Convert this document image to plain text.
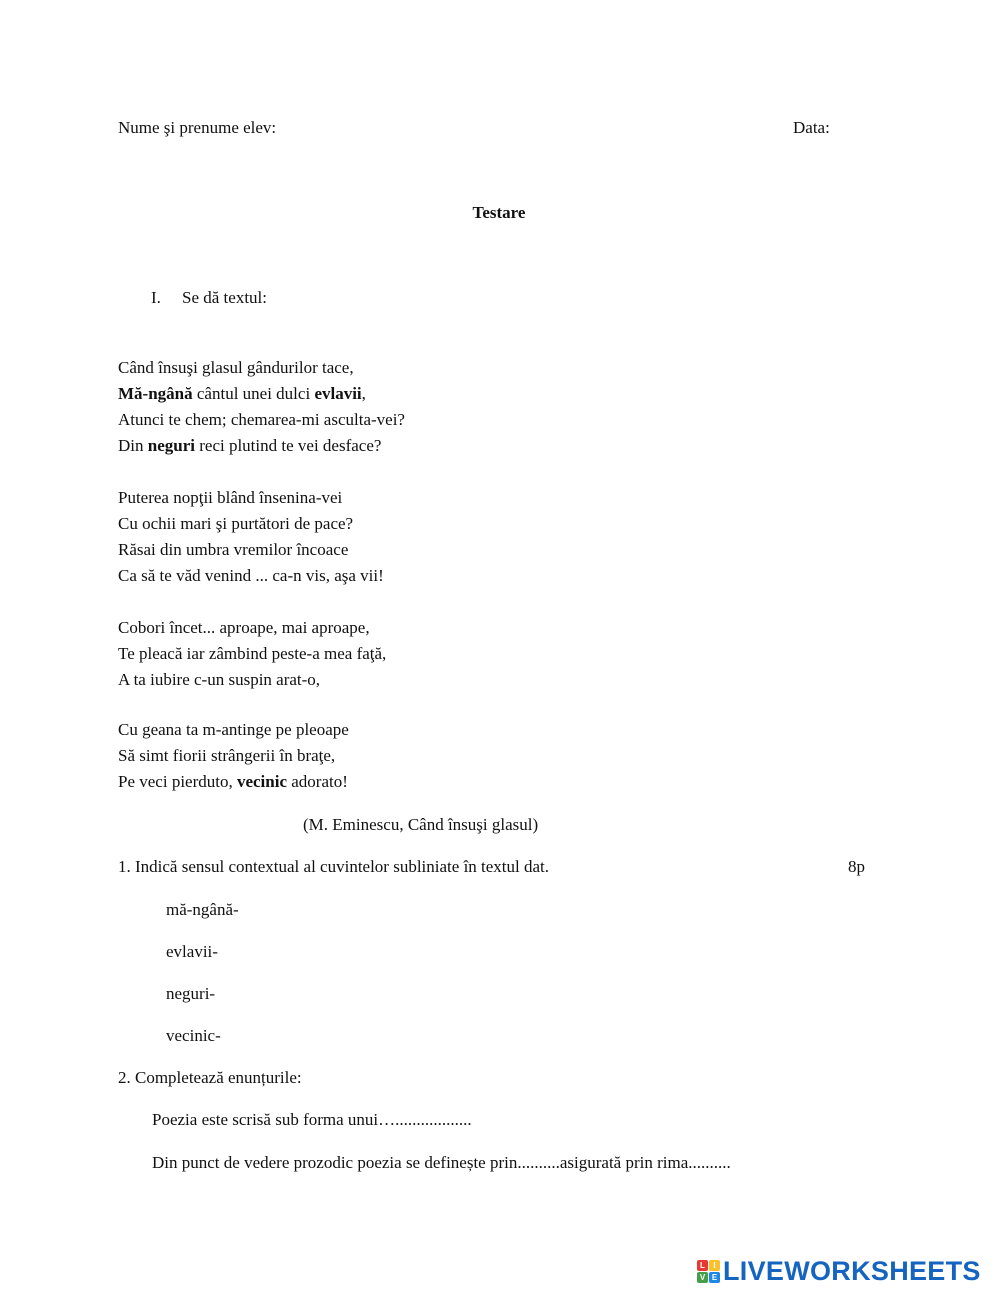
Nume şi prenume elev:	Data:
Testare
I. Se dă textul:
Când însuşi glasul gândurilor tace,
Mă-ngână cântul unei dulci evlavii,
Atunci te chem; chemarea-mi asculta-vei?
Din neguri reci plutind te vei desface?
Puterea nopţii blând însenina-vei
Cu ochii mari şi purtători de pace?
Răsai din umbra vremilor încoace
Ca să te văd venind ... ca-n vis, aşa vii!
Cobori încet... aproape, mai aproape,
Te pleacă iar zâmbind peste-a mea faţă,
A ta iubire c-un suspin arat-o,
Cu geana ta m-antinge pe pleoape
Să simt fiorii strângerii în braţe,
Pe veci pierduto, vecinic adorato!
(M. Eminescu, Când însuşi glasul)
1. Indică sensul contextual al cuvintelor subliniate în textul dat.	8p
mă-ngână-
evlavii-
neguri-
vecinic-
2. Completează enunțurile:
Poezia este scrisă sub forma unui…..................
Din punct de vedere prozodic poezia se definește prin..........asigurată prin rima..........
L	I
V E LIVEWORKSHEETS
